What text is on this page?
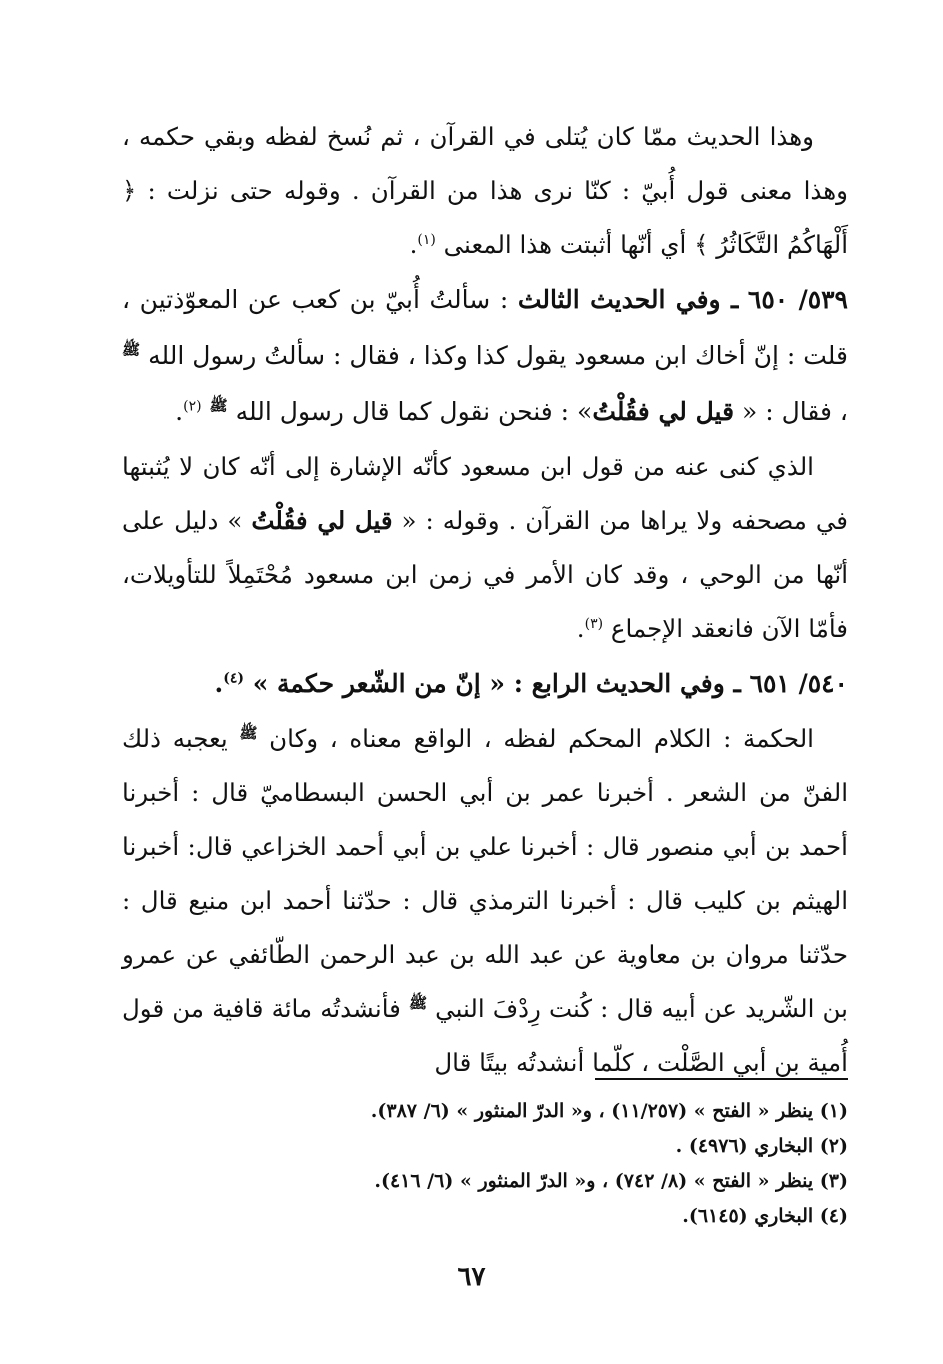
وهذا الحديث ممّا كان يُتلى في القرآن ، ثم نُسخ لفظه وبقي حكمه ، وهذا معنى قول أُبيّ : كنّا نرى هذا من القرآن . وقوله حتى نزلت : ﴿ أَلْهَاكُمُ التَّكَاثُرُ ﴾ أي أنّها أثبتت هذا المعنى $^{(١)}$.

٥٣٩/ ٦٥٠ ـ وفي الحديث الثالث : سألتُ أُبيّ بن كعب عن المعوّذتين ، قلت : إنّ أخاك ابن مسعود يقول كذا وكذا ، فقال : سألتُ رسول الله $^ﷺ$ ، فقال : « قيل لي فقُلْتُ» : فنحن نقول كما قال رسول الله $^ﷺ$ $^{(٢)}$.

الذي كنى عنه من قول ابن مسعود كأنّه الإشارة إلى أنّه كان لا يُثبتها في مصحفه ولا يراها من القرآن . وقوله : « قيل لي فقُلْتُ » دليل على أنّها من الوحي ، وقد كان الأمر في زمن ابن مسعود مُحْتَمِلاً للتأويلات، فأمّا الآن فانعقد الإجماع $^{(٣)}$.

٥٤٠/ ٦٥١ ـ وفي الحديث الرابع : « إنّ من الشّعر حكمة » $^{(٤)}$.

الحكمة : الكلام المحكم لفظه ، الواقع معناه ، وكان $^ﷺ$ يعجبه ذلك الفنّ من الشعر . أخبرنا عمر بن أبي الحسن البسطاميّ قال : أخبرنا أحمد بن أبي منصور قال : أخبرنا علي بن أبي أحمد الخزاعي قال: أخبرنا الهيثم بن كليب قال : أخبرنا الترمذي قال : حدّثنا أحمد ابن منيع قال : حدّثنا مروان بن معاوية عن عبد الله بن عبد الرحمن الطّائفي عن عمرو بن الشّريد عن أبيه قال : كُنت رِدْفَ النبي $^ﷺ$ فأنشدتُه مائة قافية من قول أُمية بن أبي الصَّلْت ، كلّما أنشدتُه بيتًا قال

(١) ينظر « الفتح » (١١/٢٥٧) ، و« الدرّ المنثور » (٦/ ٣٨٧).

(٢) البخاري (٤٩٧٦) .

(٣) ينظر « الفتح » (٨/ ٧٤٢) ، و« الدرّ المنثور » (٦/ ٤١٦).

(٤) البخاري (٦١٤٥).

٦٧
